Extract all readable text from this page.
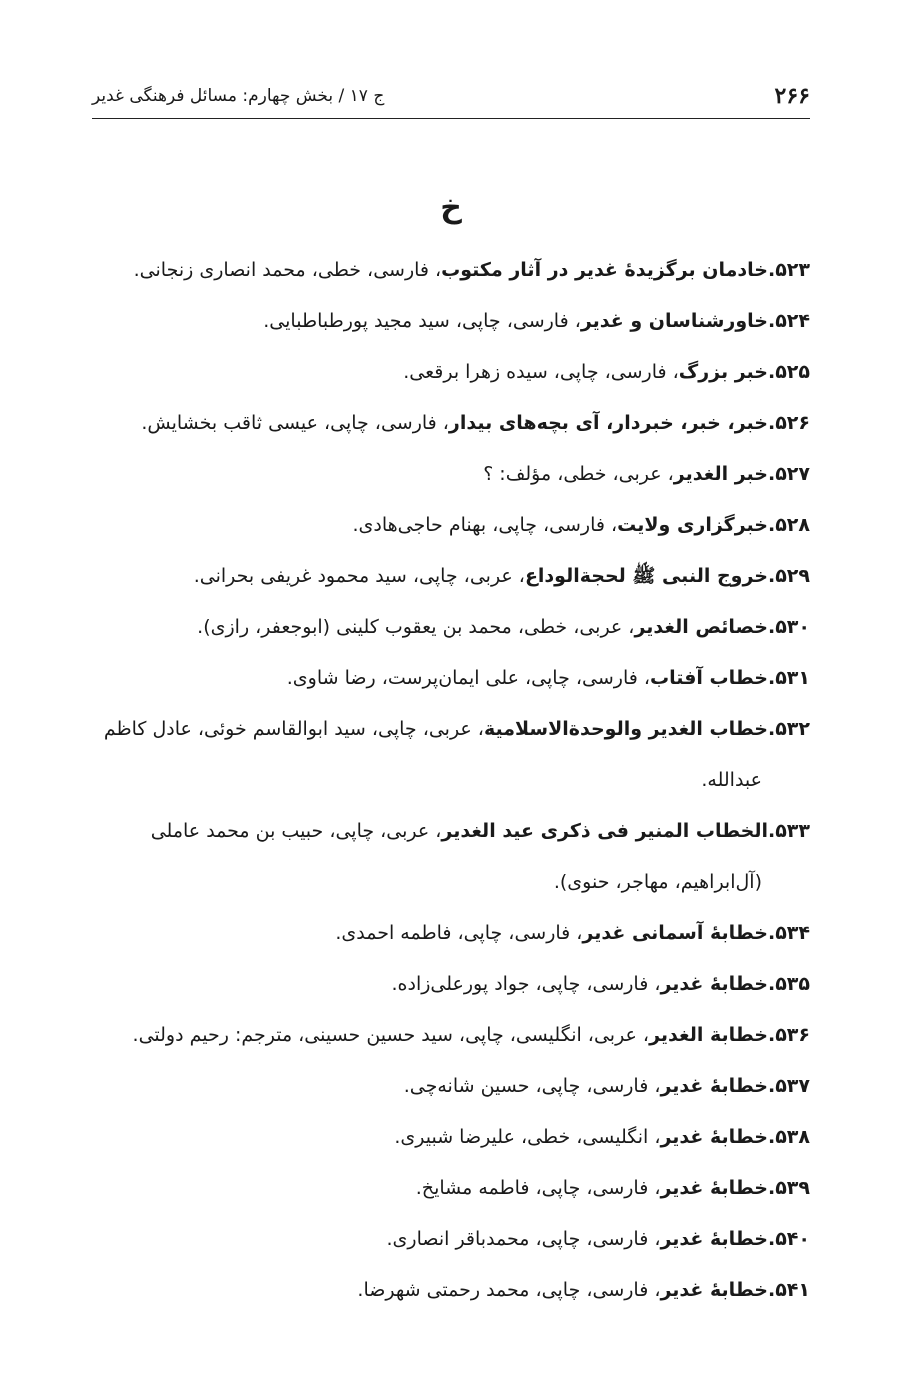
۲۶۶
ج ۱۷ / بخش چهارم: مسائل فرهنگی غدیر
خ
۵۲۳.خادمان برگزیدهٔ غدیر در آثار مکتوب، فارسی، خطی، محمد انصاری زنجانی.
۵۲۴.خاورشناسان و غدیر، فارسی، چاپی، سید مجید پورطباطبایی.
۵۲۵.خبر بزرگ، فارسی، چاپی، سیده زهرا برقعی.
۵۲۶.خبر، خبر، خبردار، آی بچه‌های بیدار، فارسی، چاپی، عیسی ثاقب بخشایش.
۵۲۷.خبر الغدیر، عربی، خطی، مؤلف: ؟
۵۲۸.خبرگزاری ولایت، فارسی، چاپی، بهنام حاجی‌هادی.
۵۲۹.خروج النبی ﷺ لحجة‌الوداع، عربی، چاپی، سید محمود غریفی بحرانی.
۵۳۰.خصائص الغدیر، عربی، خطی، محمد بن یعقوب کلینی (ابوجعفر، رازی).
۵۳۱.خطاب آفتاب، فارسی، چاپی، علی ایمان‌پرست، رضا شاوی.
۵۳۲.خطاب الغدیر والوحدة‌الاسلامیة، عربی، چاپی، سید ابوالقاسم خوئی، عادل کاظم
عبدالله.
۵۳۳.الخطاب المنیر فی ذکری عید الغدیر، عربی، چاپی، حبیب بن محمد عاملی
(آل‌ابراهیم، مهاجر، حنوی).
۵۳۴.خطابهٔ آسمانی غدیر، فارسی، چاپی، فاطمه احمدی.
۵۳۵.خطابهٔ غدیر، فارسی، چاپی، جواد پورعلی‌زاده.
۵۳۶.خطابة الغدیر، عربی، انگلیسی، چاپی، سید حسین حسینی، مترجم: رحیم دولتی.
۵۳۷.خطابهٔ غدیر، فارسی، چاپی، حسین شانه‌چی.
۵۳۸.خطابهٔ غدیر، انگلیسی، خطی، علیرضا شبیری.
۵۳۹.خطابهٔ غدیر، فارسی، چاپی، فاطمه مشایخ.
۵۴۰.خطابهٔ غدیر، فارسی، چاپی، محمدباقر انصاری.
۵۴۱.خطابهٔ غدیر، فارسی، چاپی، محمد رحمتی شهرضا.
